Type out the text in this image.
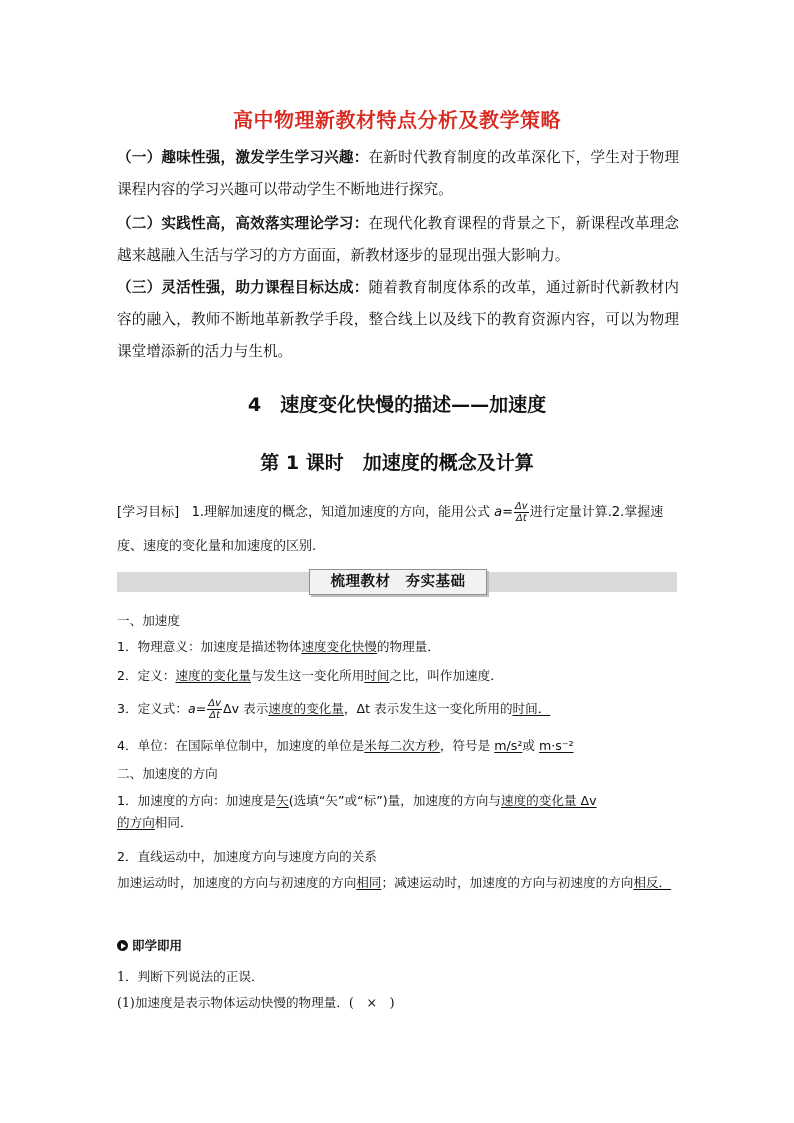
高中物理新教材特点分析及教学策略
（一）趣味性强，激发学生学习兴趣：在新时代教育制度的改革深化下，学生对于物理课程内容的学习兴趣可以带动学生不断地进行探究。
（二）实践性高，高效落实理论学习：在现代化教育课程的背景之下，新课程改革理念越来越融入生活与学习的方方面面，新教材逐步的显现出强大影响力。
（三）灵活性强，助力课程目标达成：随着教育制度体系的改革，通过新时代新教材内容的融入，教师不断地革新教学手段，整合线上以及线下的教育资源内容，可以为物理课堂增添新的活力与生机。
4　速度变化快慢的描述——加速度
第 1 课时　加速度的概念及计算
[学习目标] 1.理解加速度的概念，知道加速度的方向，能用公式 $a= \frac{\Delta v}{\Delta t}$ 进行定量计算.2.掌握速度、速度的变化量和加速度的区别.
梳理教材　夯实基础
一、加速度
1．物理意义：加速度是描述物体速度变化快慢的物理量．
2．定义：速度的变化量与发生这一变化所用时间之比，叫作加速度．
3．定义式：$a= \frac{\Delta v}{\Delta t}$ Δv 表示速度的变化量，Δt 表示发生这一变化所用的时间．
4．单位：在国际单位制中，加速度的单位是米每二次方秒，符号是 m/s²或 m·s⁻²
二、加速度的方向
1．加速度的方向：加速度是矢(选填“矢”或“标”)量，加速度的方向与速度的变化量 Δv
的方向相同．
2．直线运动中，加速度方向与速度方向的关系
加速运动时，加速度的方向与初速度的方向相同；减速运动时，加速度的方向与初速度的方向相反．
即学即用
1．判断下列说法的正误．
(1)加速度是表示物体运动快慢的物理量．(　×　)
